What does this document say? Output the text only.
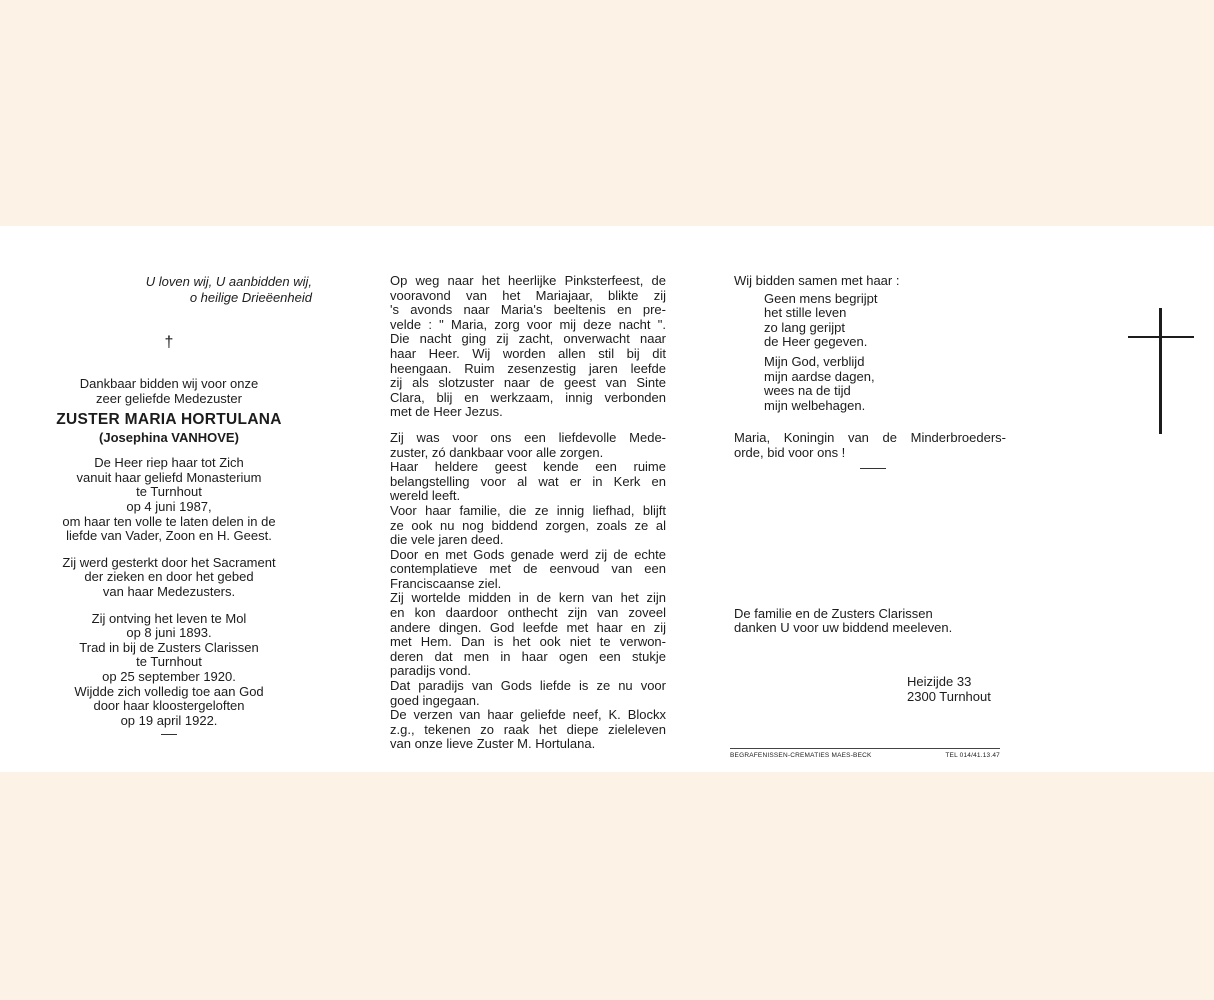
U loven wij, U aanbidden wij,
o heilige Drieëenheid
†
Dankbaar bidden wij voor onze
zeer geliefde Medezuster
ZUSTER MARIA HORTULANA
(Josephina VANHOVE)
De Heer riep haar tot Zich
vanuit haar geliefd Monasterium
te Turnhout
op 4 juni 1987,
om haar ten volle te laten delen in de
liefde van Vader, Zoon en H. Geest.
Zij werd gesterkt door het Sacrament
der zieken en door het gebed
van haar Medezusters.
Zij ontving het leven te Mol
op 8 juni 1893.
Trad in bij de Zusters Clarissen
te Turnhout
op 25 september 1920.
Wijdde zich volledig toe aan God
door haar kloostergeloften
op 19 april 1922.
Op weg naar het heerlijke Pinksterfeest, de
vooravond van het Mariajaar, blikte zij
's avonds naar Maria's beeltenis en pre-
velde : " Maria, zorg voor mij deze nacht ".
Die nacht ging zij zacht, onverwacht naar
haar Heer. Wij worden allen stil bij dit
heengaan. Ruim zesenzestig jaren leefde
zij als slotzuster naar de geest van Sinte
Clara, blij en werkzaam, innig verbonden
met de Heer Jezus.
Zij was voor ons een liefdevolle Mede-
zuster, zó dankbaar voor alle zorgen.
Haar heldere geest kende een ruime
belangstelling voor al wat er in Kerk en
wereld leeft.
Voor haar familie, die ze innig liefhad, blijft
ze ook nu nog biddend zorgen, zoals ze al
die vele jaren deed.
Door en met Gods genade werd zij de echte
contemplatieve met de eenvoud van een
Franciscaanse ziel.
Zij wortelde midden in de kern van het zijn
en kon daardoor onthecht zijn van zoveel
andere dingen. God leefde met haar en zij
met Hem. Dan is het ook niet te verwon-
deren dat men in haar ogen een stukje
paradijs vond.
Dat paradijs van Gods liefde is ze nu voor
goed ingegaan.
De verzen van haar geliefde neef, K. Blockx
z.g., tekenen zo raak het diepe zieleleven
van onze lieve Zuster M. Hortulana.
Wij bidden samen met haar :
Geen mens begrijpt
het stille leven
zo lang gerijpt
de Heer gegeven.
Mijn God, verblijd
mijn aardse dagen,
wees na de tijd
mijn welbehagen.
Maria, Koningin van de Minderbroeders-
orde, bid voor ons !
De familie en de Zusters Clarissen
danken U voor uw biddend meeleven.
Heizijde 33
2300 Turnhout
BEGRAFENISSEN-CREMATIES MAES-BECK	TEL 014/41.13.47
